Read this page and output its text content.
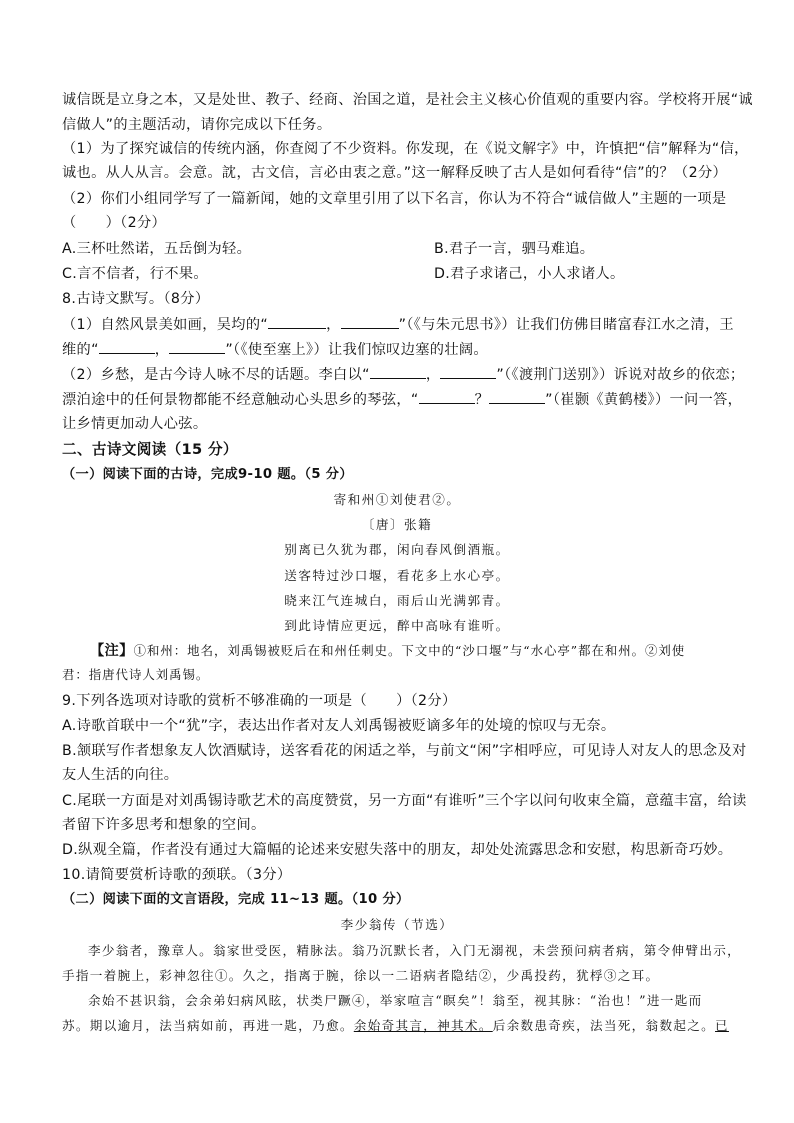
诚信既是立身之本，又是处世、教子、经商、治国之道，是社会主义核心价值观的重要内容。学校将开展“诚
信做人”的主题活动，请你完成以下任务。
（1）为了探究诚信的传统内涵，你查阅了不少资料。你发现，在《说文解字》中，许慎把“信”解释为“信，
诚也。从人从言。会意。訦，古文信，言必由衷之意。”这一解释反映了古人是如何看待“信”的？（2分）
（2）你们小组同学写了一篇新闻，她的文章里引用了以下名言，你认为不符合“诚信做人”主题的一项是
（　　）（2分）
A.三杯吐然诺，五岳倒为轻。	B.君子一言，驷马难追。
C.言不信者，行不果。	D.君子求诸己，小人求诸人。
8.古诗文默写。（8分）
（1）自然风景美如画，吴均的“	，	”（《与朱元思书》）让我们仿佛目睹富春江水之清，王
维的“	，	”（《使至塞上》）让我们惊叹边塞的壮阔。
（2）乡愁，是古今诗人咏不尽的话题。李白以“	，	”（《渡荆门送别》）诉说对故乡的依恋；
漂泊途中的任何景物都能不经意触动心头思乡的琴弦，“	？	”（崔颢《黄鹤楼》）一问一答，
让乡情更加动人心弦。
二、古诗文阅读（15 分）
（一）阅读下面的古诗，完成9-10 题。（5 分）
寄和州①刘使君②。
〔唐〕张籍
别离已久犹为郡，闲向春风倒酒瓶。
送客特过沙口堰，看花多上水心亭。
晓来江气连城白，雨后山光满郭青。
到此诗情应更远，醉中高咏有谁听。
【注】①和州：地名，刘禹锡被贬后在和州任刺史。下文中的“沙口堰”与“水心亭”都在和州。②刘使
君：指唐代诗人刘禹锡。
9.下列各选项对诗歌的赏析不够准确的一项是（　　）（2分）
A.诗歌首联中一个“犹”字，表达出作者对友人刘禹锡被贬谪多年的处境的惊叹与无奈。
B.颔联写作者想象友人饮酒赋诗，送客看花的闲适之举，与前文“闲”字相呼应，可见诗人对友人的思念及对
友人生活的向往。
C.尾联一方面是对刘禹锡诗歌艺术的高度赞赏，另一方面“有谁听”三个字以问句收束全篇，意蕴丰富，给读
者留下许多思考和想象的空间。
D.纵观全篇，作者没有通过大篇幅的论述来安慰失落中的朋友，却处处流露思念和安慰，构思新奇巧妙。
10.请简要赏析诗歌的颈联。（3分）
（二）阅读下面的文言语段，完成 11~13 题。（10 分）
李少翁传（节选）
李少翁者，豫章人。翁家世受医，精脉法。翁乃沉默长者，入门无溺视，未尝预问病者病，第令伸臂出示，
手指一着腕上，彩神忽往①。久之，指离于腕，徐以一二语病者隐结②，少禹投药，犹桴③之耳。
余始不甚识翁，会余弟妇病风眩，状类尸蹶④，举家喧言“瞑矣”！翁至，视其脉：“治也！”进一匙而
苏。期以逾月，法当病如前，再进一匙，乃愈。余始奇其言，神其术。后余数患奇疾，法当死，翁数起之。已
